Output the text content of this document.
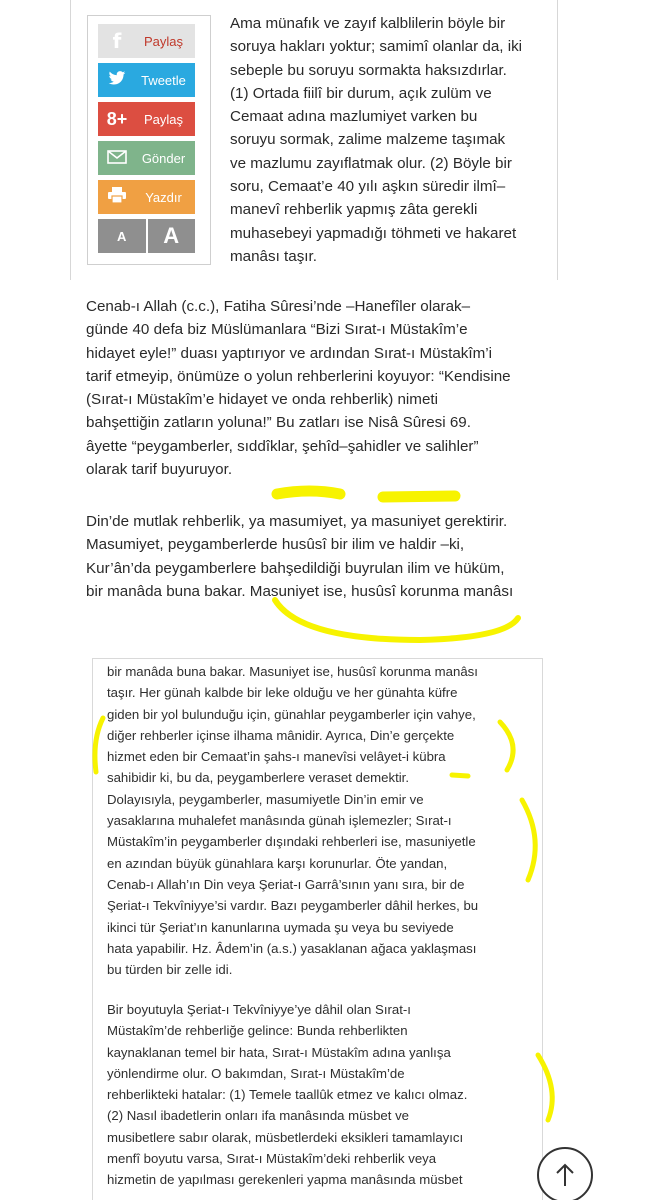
f	Paylaş
Tweetle
8+	Paylaş
Gönder
Yazdır
A	A

Ama münafık ve zayıf kalblilerin böyle bir

soruya hakları yoktur; samimî olanlar da, iki

sebeple bu soruyu sormakta haksızdırlar.

(1) Ortada fiilî bir durum, açık zulüm ve

Cemaat adına mazlumiyet varken bu

soruyu sormak, zalime malzeme taşımak

ve mazlumu zayıflatmak olur. (2) Böyle bir

soru, Cemaat’e 40 yılı aşkın süredir ilmî–

manevî rehberlik yapmış zâta gerekli

muhasebeyi yapmadığı töhmeti ve hakaret

manâsı taşır.

Cenab-ı Allah (c.c.), Fatiha Sûresi’nde –Hanefîler olarak–

günde 40 defa biz Müslümanlara “Bizi Sırat-ı Müstakîm’e

hidayet eyle!” duası yaptırıyor ve ardından Sırat-ı Müstakîm’i

tarif etmeyip, önümüze o yolun rehberlerini koyuyor: “Kendisine

(Sırat-ı Müstakîm’e hidayet ve onda rehberlik) nimeti

bahşettiğin zatların yoluna!” Bu zatları ise Nisâ Sûresi 69.

âyette “peygamberler, sıddîklar, şehîd–şahidler ve salihler”

olarak tarif buyuruyor.

Din’de mutlak rehberlik, ya masumiyet, ya masuniyet gerektirir.

Masumiyet, peygamberlerde husûsî bir ilim ve haldir –ki,

Kur’ân’da peygamberlere bahşedildiği buyrulan ilim ve hüküm,

bir manâda buna bakar. Masuniyet ise, husûsî korunma manâsı

bir manâda buna bakar. Masuniyet ise, husûsî korunma manâsı

taşır. Her günah kalbde bir leke olduğu ve her günahta küfre

giden bir yol bulunduğu için, günahlar peygamberler için vahye,

diğer rehberler içinse ilhama mânidir. Ayrıca, Din’e gerçekte

hizmet eden bir Cemaat’in şahs-ı manevîsi velâyet-i kübra

sahibidir ki, bu da, peygamberlere veraset demektir.

Dolayısıyla, peygamberler, masumiyetle Din’in emir ve

yasaklarına muhalefet manâsında günah işlemezler; Sırat-ı

Müstakîm’in peygamberler dışındaki rehberleri ise, masuniyetle

en azından büyük günahlara karşı korunurlar. Öte yandan,

Cenab-ı Allah’ın Din veya Şeriat-ı Garrâ’sının yanı sıra, bir de

Şeriat-ı Tekvîniyye’si vardır. Bazı peygamberler dâhil herkes, bu

ikinci tür Şeriat’ın kanunlarına uymada şu veya bu seviyede

hata yapabilir. Hz. Âdem’in (a.s.) yasaklanan ağaca yaklaşması

bu türden bir zelle idi.

Bir boyutuyla Şeriat-ı Tekvîniyye’ye dâhil olan Sırat-ı

Müstakîm’de rehberliğe gelince: Bunda rehberlikten

kaynaklanan temel bir hata, Sırat-ı Müstakîm adına yanlışa

yönlendirme olur. O bakımdan, Sırat-ı Müstakîm’de

rehberlikteki hatalar: (1) Temele taallûk etmez ve kalıcı olmaz.

(2) Nasıl ibadetlerin onları ifa manâsında müsbet ve

musibetlere sabır olarak, müsbetlerdeki eksikleri tamamlayıcı

menfî boyutu varsa, Sırat-ı Müstakîm’deki rehberlik veya

hizmetin de yapılması gerekenleri yapma manâsında müsbet
